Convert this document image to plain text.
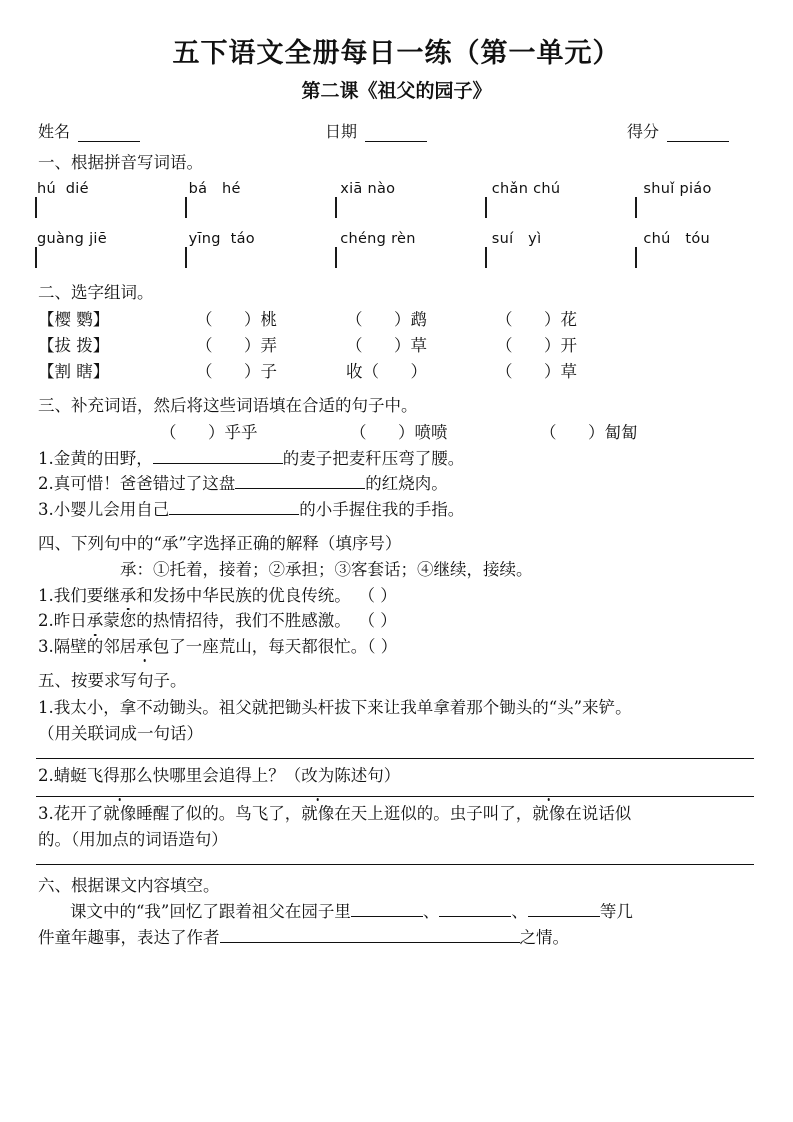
五下语文全册每日一练（第一单元）
第二课《祖父的园子》
姓名	日期	得分
一、根据拼音写词语。
hú  dié	bá   hé	xiā nào	chǎn chú	shuǐ piáo
guàng jiē	yīng  táo	chéng rèn	suí   yì	chú   tóu
二、选字组词。
【樱 鹦】	（      ）桃	（      ）鹉	（      ）花
【拔 拨】	（      ）弄	（      ）草	（      ）开
【割 瞎】	（      ）子	收（      ）	（      ）草
三、补充词语，然后将这些词语填在合适的句子中。
（      ）乎乎	（      ）喷喷	（      ）匐匐
1.金黄的田野，	的麦子把麦秆压弯了腰。
2.真可惜！爸爸错过了这盘	的红烧肉。
3.小婴儿会用自己	的小手握住我的手指。
四、下列句中的“承”字选择正确的解释（填序号）
承：①托着，接着；②承担；③客套话；④继续，接续。
1.我们要继承和发扬中华民族的优良传统。 （ ）
2.昨日承蒙您的热情招待，我们不胜感激。 （ ）
3.隔壁的邻居承包了一座荒山，每天都很忙。（ ）
五、按要求写句子。
1.我太小，拿不动锄头。祖父就把锄头杆拔下来让我单拿着那个锄头的“头”来铲。
（用关联词成一句话）
2.蜻蜓飞得那么快哪里会追得上？（改为陈述句）
3.花开了就像睡醒了似的。鸟飞了，就像在天上逛似的。虫子叫了，就像在说话似
的。（用加点的词语造句）
六、根据课文内容填空。
课文中的“我”回忆了跟着祖父在园子里	、	、	等几
件童年趣事，表达了作者	之情。
